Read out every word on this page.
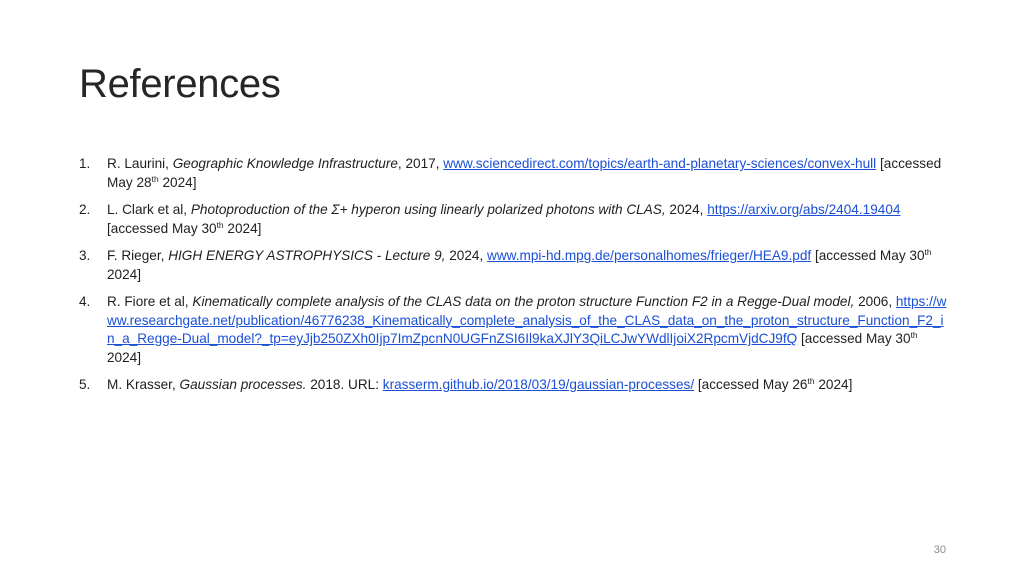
References
1. R. Laurini, Geographic Knowledge Infrastructure, 2017, www.sciencedirect.com/topics/earth-and-planetary-sciences/convex-hull [accessed May 28th 2024]
2. L. Clark et al, Photoproduction of the Σ+ hyperon using linearly polarized photons with CLAS, 2024, https://arxiv.org/abs/2404.19404 [accessed May 30th 2024]
3. F. Rieger, HIGH ENERGY ASTROPHYSICS - Lecture 9, 2024, www.mpi-hd.mpg.de/personalhomes/frieger/HEA9.pdf [accessed May 30th 2024]
4. R. Fiore et al, Kinematically complete analysis of the CLAS data on the proton structure Function F2 in a Regge-Dual model, 2006, https://www.researchgate.net/publication/46776238_Kinematically_complete_analysis_of_the_CLAS_data_on_the_proton_structure_Function_F2_in_a_Regge-Dual_model?_tp=eyJjb250ZXh0Ijp7ImZpcnN0UGFnZSI6Il9kaXJlY3QiLCJwYWdlIjoiX2RpcmVjdCJ9fQ [accessed May 30th 2024]
5. M. Krasser, Gaussian processes. 2018. URL: krasserm.github.io/2018/03/19/gaussian-processes/ [accessed May 26th 2024]
30
